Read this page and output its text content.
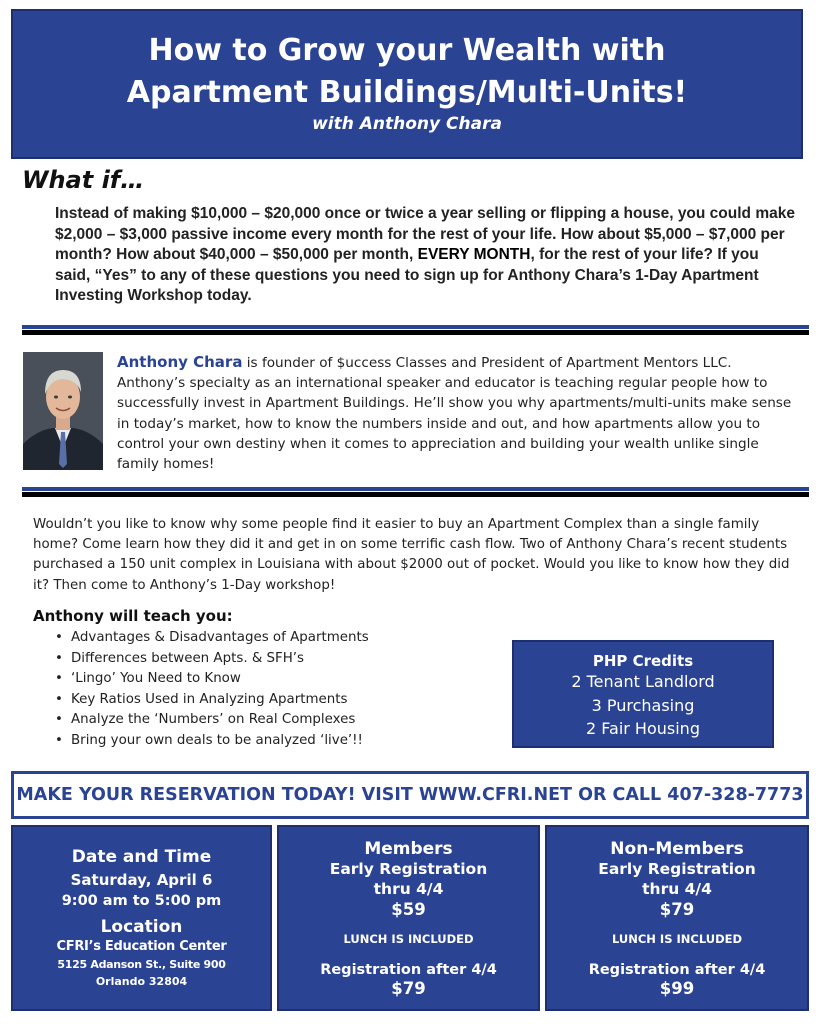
How to Grow your Wealth with
Apartment Buildings/Multi-Units!
with Anthony Chara
What if…
Instead of making $10,000 – $20,000 once or twice a year selling or flipping a house, you could make $2,000 – $3,000 passive income every month for the rest of your life. How about $5,000 – $7,000 per month? How about $40,000 – $50,000 per month, EVERY MONTH, for the rest of your life? If you said, “Yes” to any of these questions you need to sign up for Anthony Chara’s 1-Day Apartment Investing Workshop today.
Anthony Chara is founder of $uccess Classes and President of Apartment Mentors LLC. Anthony’s specialty as an international speaker and educator is teaching regular people how to successfully invest in Apartment Buildings. He’ll show you why apartments/multi-units make sense in today’s market, how to know the numbers inside and out, and how apartments allow you to control your own destiny when it comes to appreciation and building your wealth unlike single family homes!
Wouldn’t you like to know why some people find it easier to buy an Apartment Complex than a single family home? Come learn how they did it and get in on some terrific cash flow. Two of Anthony Chara’s recent students purchased a 150 unit complex in Louisiana with about $2000 out of pocket. Would you like to know how they did it? Then come to Anthony’s 1-Day workshop!
Anthony will teach you:
• Advantages & Disadvantages of Apartments
• Differences between Apts. & SFH’s
• ‘Lingo’ You Need to Know
• Key Ratios Used in Analyzing Apartments
• Analyze the ‘Numbers’ on Real Complexes
• Bring your own deals to be analyzed ‘live’!!
PHP Credits
2 Tenant Landlord
3 Purchasing
2 Fair Housing
MAKE YOUR RESERVATION TODAY! VISIT WWW.CFRI.NET OR CALL 407-328-7773
Date and Time
Saturday, April 6
9:00 am to 5:00 pm
Location
CFRI’s Education Center
5125 Adanson St., Suite 900
Orlando 32804
Members
Early Registration
thru 4/4
$59
LUNCH IS INCLUDED
Registration after 4/4
$79
Non-Members
Early Registration
thru 4/4
$79
LUNCH IS INCLUDED
Registration after 4/4
$99
